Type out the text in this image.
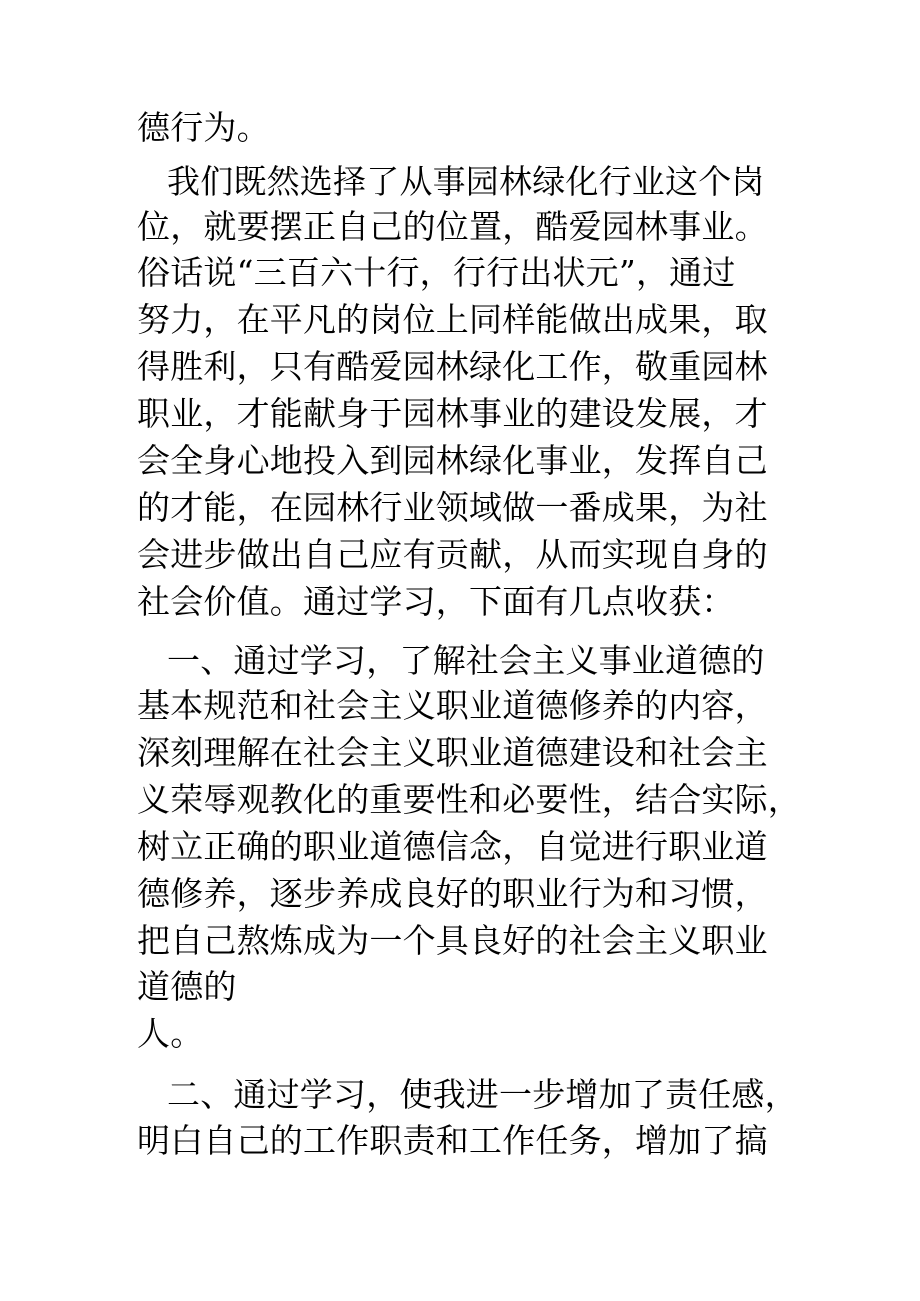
德行为。
我们既然选择了从事园林绿化行业这个岗
位，就要摆正自己的位置，酷爱园林事业。
俗话说“三百六十行，行行出状元”，通过
努力，在平凡的岗位上同样能做出成果，取
得胜利，只有酷爱园林绿化工作，敬重园林
职业，才能献身于园林事业的建设发展，才
会全身心地投入到园林绿化事业，发挥自己
的才能，在园林行业领域做一番成果，为社
会进步做出自己应有贡献，从而实现自身的
社会价值。通过学习，下面有几点收获：
一、通过学习，了解社会主义事业道德的
基本规范和社会主义职业道德修养的内容，
深刻理解在社会主义职业道德建设和社会主
义荣辱观教化的重要性和必要性，结合实际，
树立正确的职业道德信念，自觉进行职业道
德修养，逐步养成良好的职业行为和习惯，
把自己熬炼成为一个具良好的社会主义职业
道德的
人。
二、通过学习，使我进一步增加了责任感，
明白自己的工作职责和工作任务，增加了搞
